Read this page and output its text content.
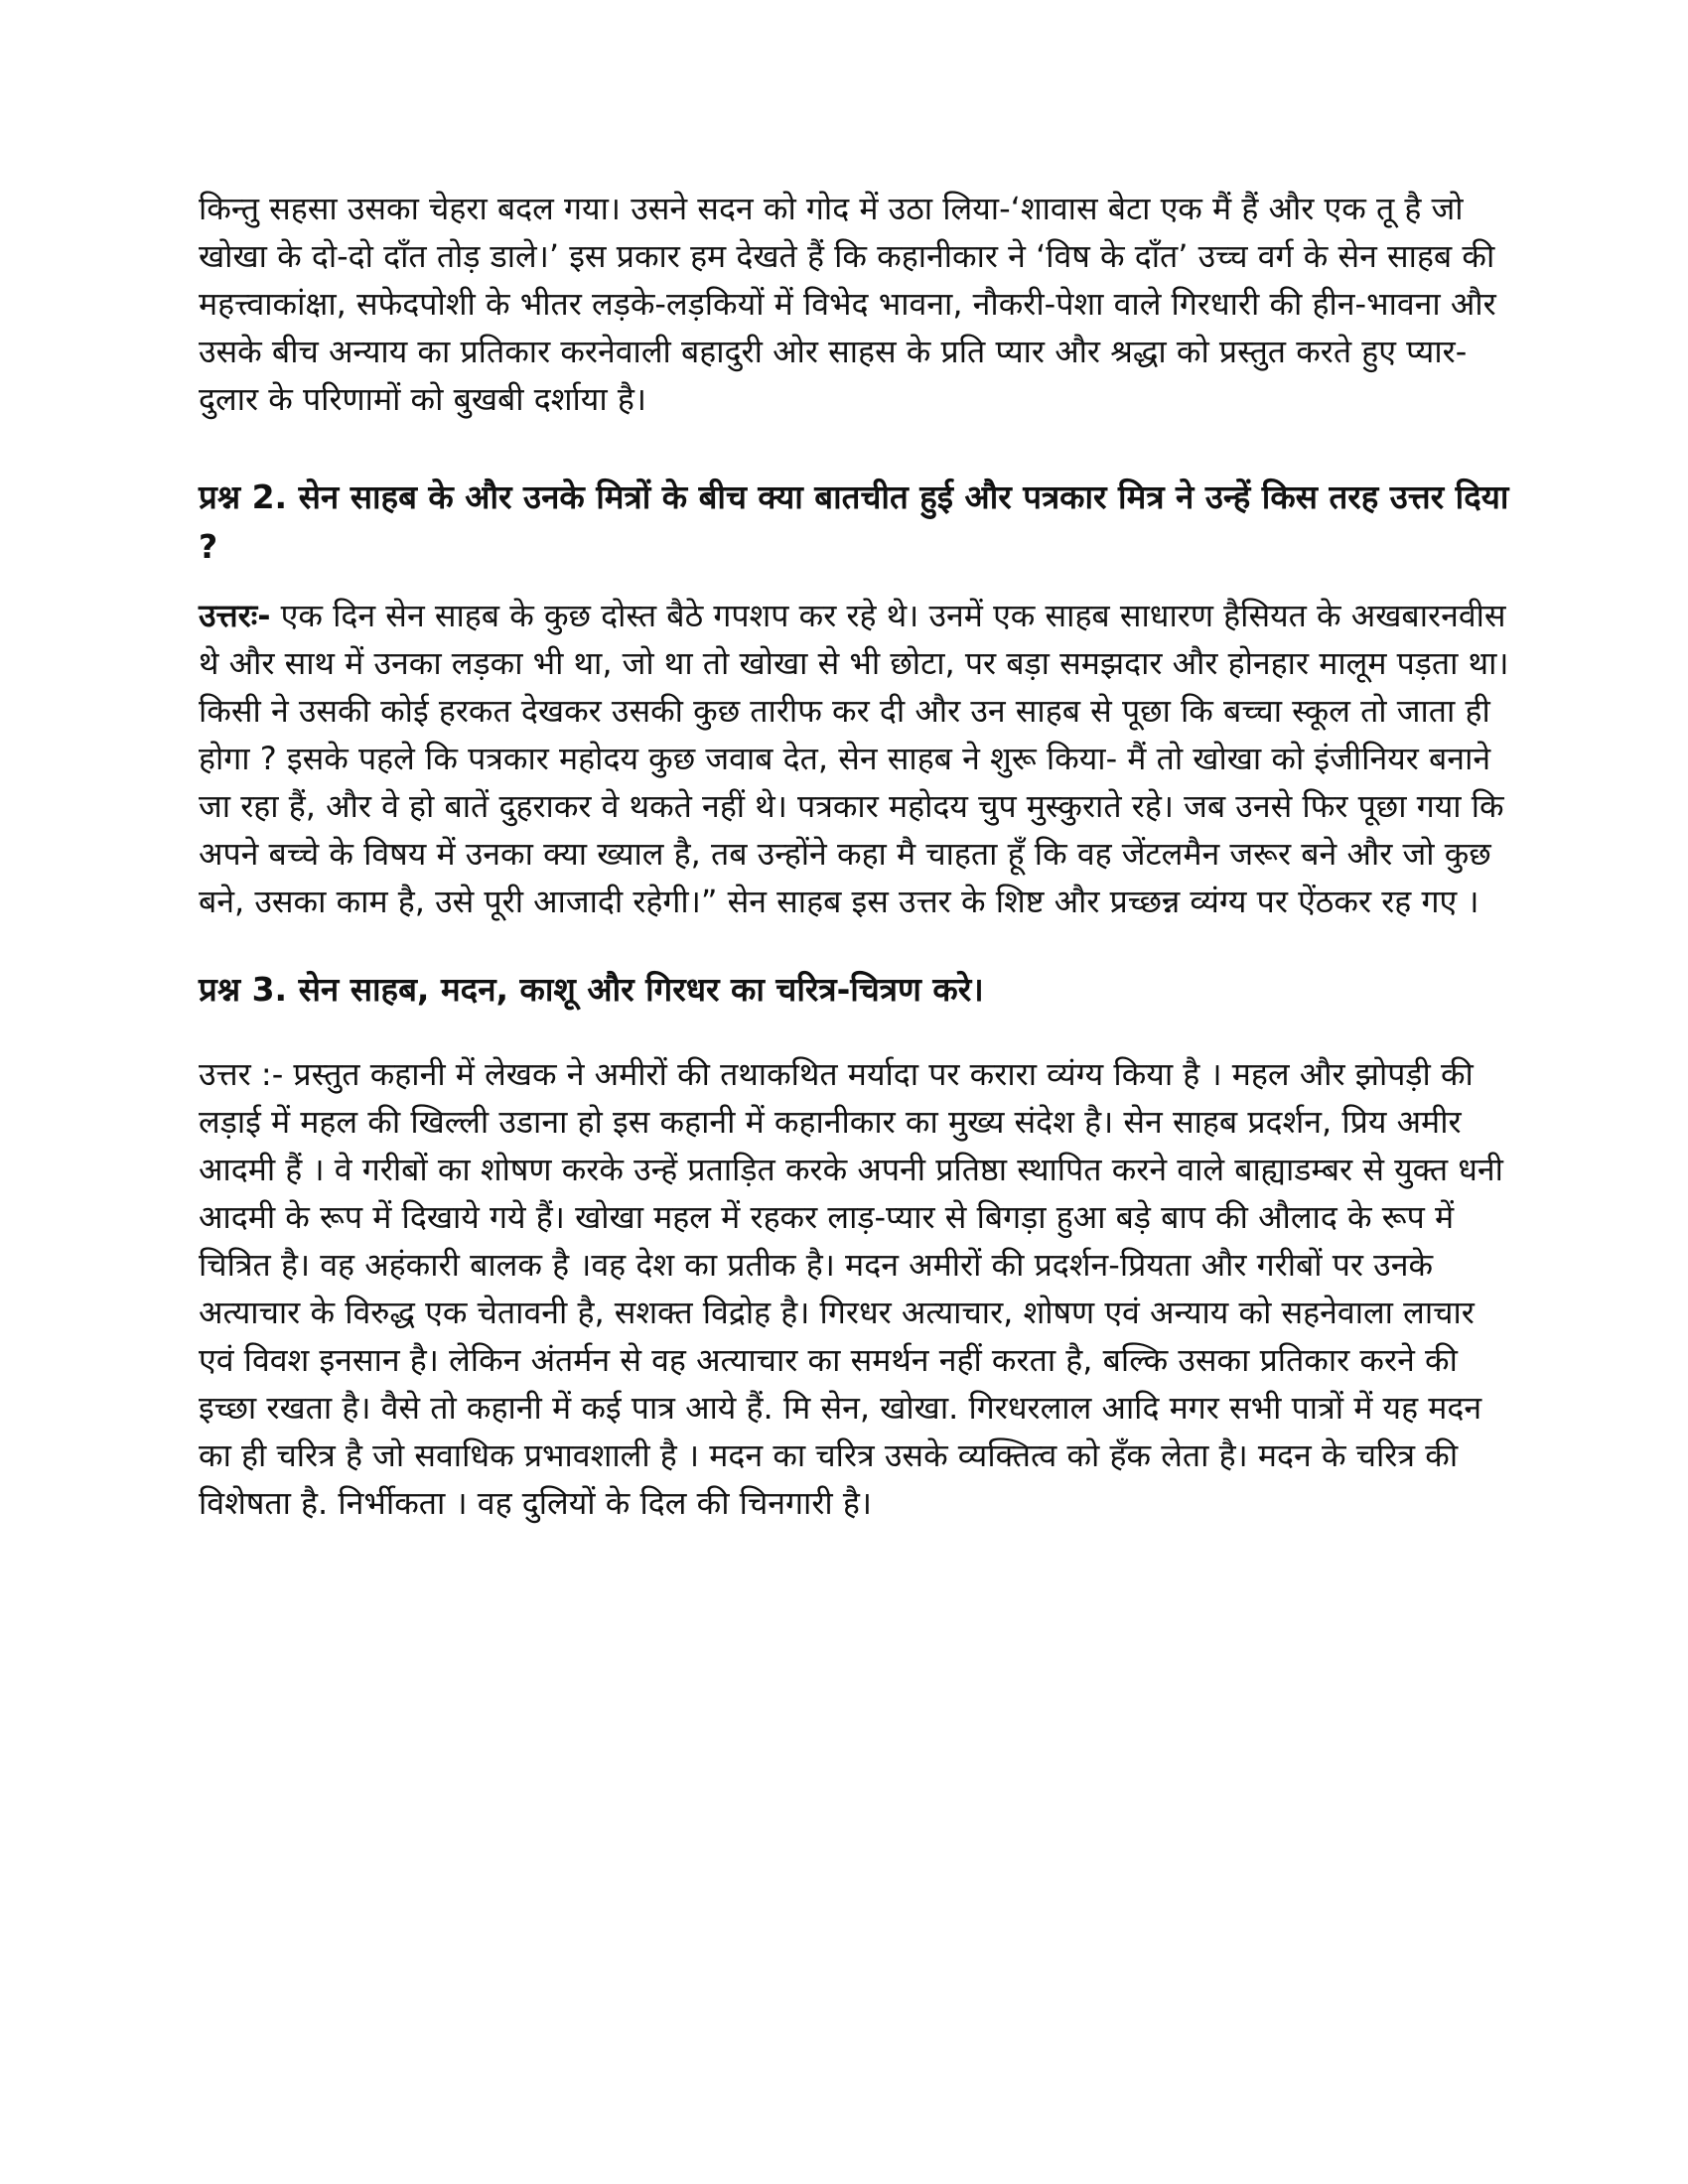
किन्तु सहसा उसका चेहरा बदल गया। उसने सदन को गोद में उठा लिया-‘शावास बेटा एक मैं हैं और एक तू है जो खोखा के दो-दो दाँत तोड़ डाले।’ इस प्रकार हम देखते हैं कि कहानीकार ने ‘विष के दाँत’ उच्च वर्ग के सेन साहब की महत्त्वाकांक्षा, सफेदपोशी के भीतर लड़के-लड़कियों में विभेद भावना, नौकरी-पेशा वाले गिरधारी की हीन-भावना और उसके बीच अन्याय का प्रतिकार करनेवाली बहादुरी ओर साहस के प्रति प्यार और श्रद्धा को प्रस्तुत करते हुए प्यार-दुलार के परिणामों को बुखबी दर्शाया है।

प्रश्न 2. सेन साहब के और उनके मित्रों के बीच क्या बातचीत हुई और पत्रकार मित्र ने उन्हें किस तरह उत्तर दिया ?

उत्तरः- एक दिन सेन साहब के कुछ दोस्त बैठे गपशप कर रहे थे। उनमें एक साहब साधारण हैसियत के अखबारनवीस थे और साथ में उनका लड़का भी था, जो था तो खोखा से भी छोटा, पर बड़ा समझदार और होनहार मालूम पड़ता था। किसी ने उसकी कोई हरकत देखकर उसकी कुछ तारीफ कर दी और उन साहब से पूछा कि बच्चा स्कूल तो जाता ही होगा ? इसके पहले कि पत्रकार महोदय कुछ जवाब देत, सेन साहब ने शुरू किया- मैं तो खोखा को इंजीनियर बनाने जा रहा हैं, और वे हो बातें दुहराकर वे थकते नहीं थे। पत्रकार महोदय चुप मुस्कुराते रहे। जब उनसे फिर पूछा गया कि अपने बच्चे के विषय में उनका क्या ख्याल है, तब उन्होंने कहा मै चाहता हूँ कि वह जेंटलमैन जरूर बने और जो कुछ बने, उसका काम है, उसे पूरी आजादी रहेगी।” सेन साहब इस उत्तर के शिष्ट और प्रच्छन्न व्यंग्य पर ऐंठकर रह गए ।

प्रश्न 3. सेन साहब, मदन, काशू और गिरधर का चरित्र-चित्रण करे।

उत्तर :- प्रस्तुत कहानी में लेखक ने अमीरों की तथाकथित मर्यादा पर करारा व्यंग्य किया है । महल और झोपड़ी की लड़ाई में महल की खिल्ली उडाना हो इस कहानी में कहानीकार का मुख्य संदेश है। सेन साहब प्रदर्शन, प्रिय अमीर आदमी हैं । वे गरीबों का शोषण करके उन्हें प्रताड़ित करके अपनी प्रतिष्ठा स्थापित करने वाले बाह्याडम्बर से युक्त धनी आदमी के रूप में दिखाये गये हैं। खोखा महल में रहकर लाड़-प्यार से बिगड़ा हुआ बड़े बाप की औलाद के रूप में चित्रित है। वह अहंकारी बालक है ।वह देश का प्रतीक है। मदन अमीरों की प्रदर्शन-प्रियता और गरीबों पर उनके अत्याचार के विरुद्ध एक चेतावनी है, सशक्त विद्रोह है। गिरधर अत्याचार, शोषण एवं अन्याय को सहनेवाला लाचार एवं विवश इनसान है। लेकिन अंतर्मन से वह अत्याचार का समर्थन नहीं करता है, बल्कि उसका प्रतिकार करने की इच्छा रखता है। वैसे तो कहानी में कई पात्र आये हैं. मि सेन, खोखा. गिरधरलाल आदि मगर सभी पात्रों में यह मदन का ही चरित्र है जो सवाधिक प्रभावशाली है । मदन का चरित्र उसके व्यक्तित्व को हँक लेता है। मदन के चरित्र की विशेषता है. निर्भीकता । वह दुलियों के दिल की चिनगारी है।
